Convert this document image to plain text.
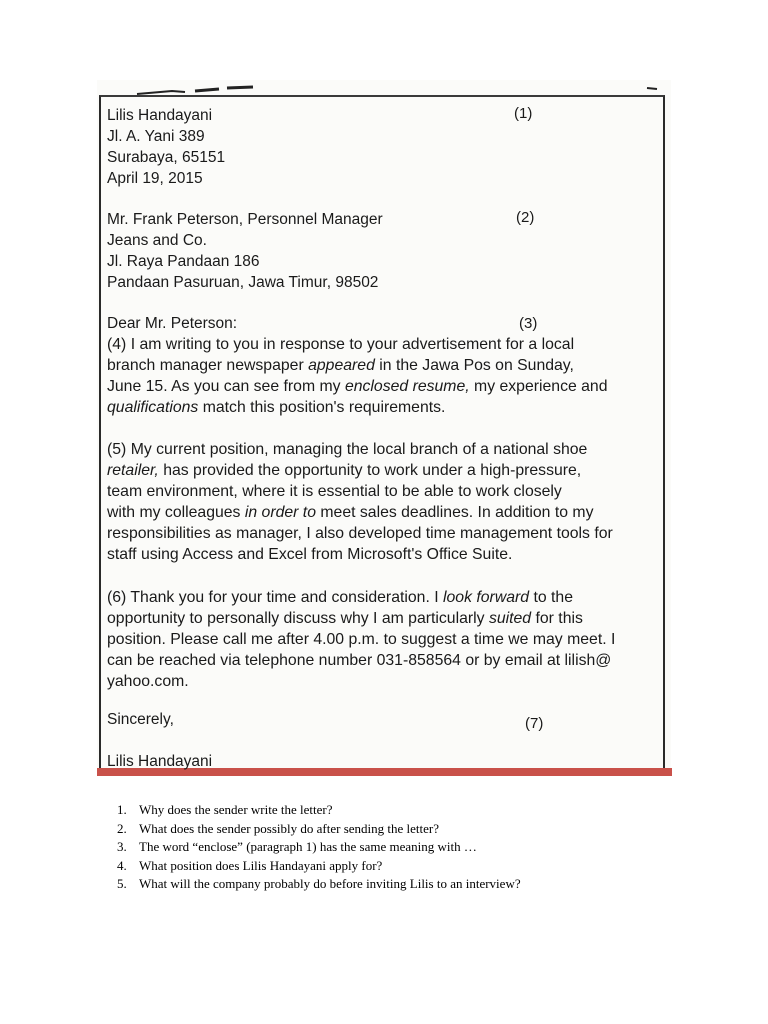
Lilis Handayani
Jl. A. Yani 389
Surabaya, 65151
April 19, 2015
(1)
Mr. Frank Peterson, Personnel Manager
Jeans and Co.
Jl. Raya Pandaan 186
Pandaan Pasuruan, Jawa Timur, 98502
(2)
Dear Mr. Peterson:	(3)
(4) I am writing to you in response to your advertisement for a local
branch manager newspaper appeared in the Jawa Pos on Sunday,
June 15. As you can see from my enclosed resume, my experience and
qualifications match this position's requirements.
(5) My current position, managing the local branch of a national shoe
retailer, has provided the opportunity to work under a high-pressure,
team environment, where it is essential to be able to work closely
with my colleagues in order to meet sales deadlines. In addition to my
responsibilities as manager, I also developed time management tools for
staff using Access and Excel from Microsoft's Office Suite.
(6) Thank you for your time and consideration. I look forward to the
opportunity to personally discuss why I am particularly suited for this
position. Please call me after 4.00 p.m. to suggest a time we may meet. I
can be reached via telephone number 031-858564 or by email at lilish@
yahoo.com.
Sincerely,	(7)
Lilis Handayani
1. Why does the sender write the letter?
2. What does the sender possibly do after sending the letter?
3. The word “enclose” (paragraph 1) has the same meaning with …
4. What position does Lilis Handayani apply for?
5. What will the company probably do before inviting Lilis to an interview?
